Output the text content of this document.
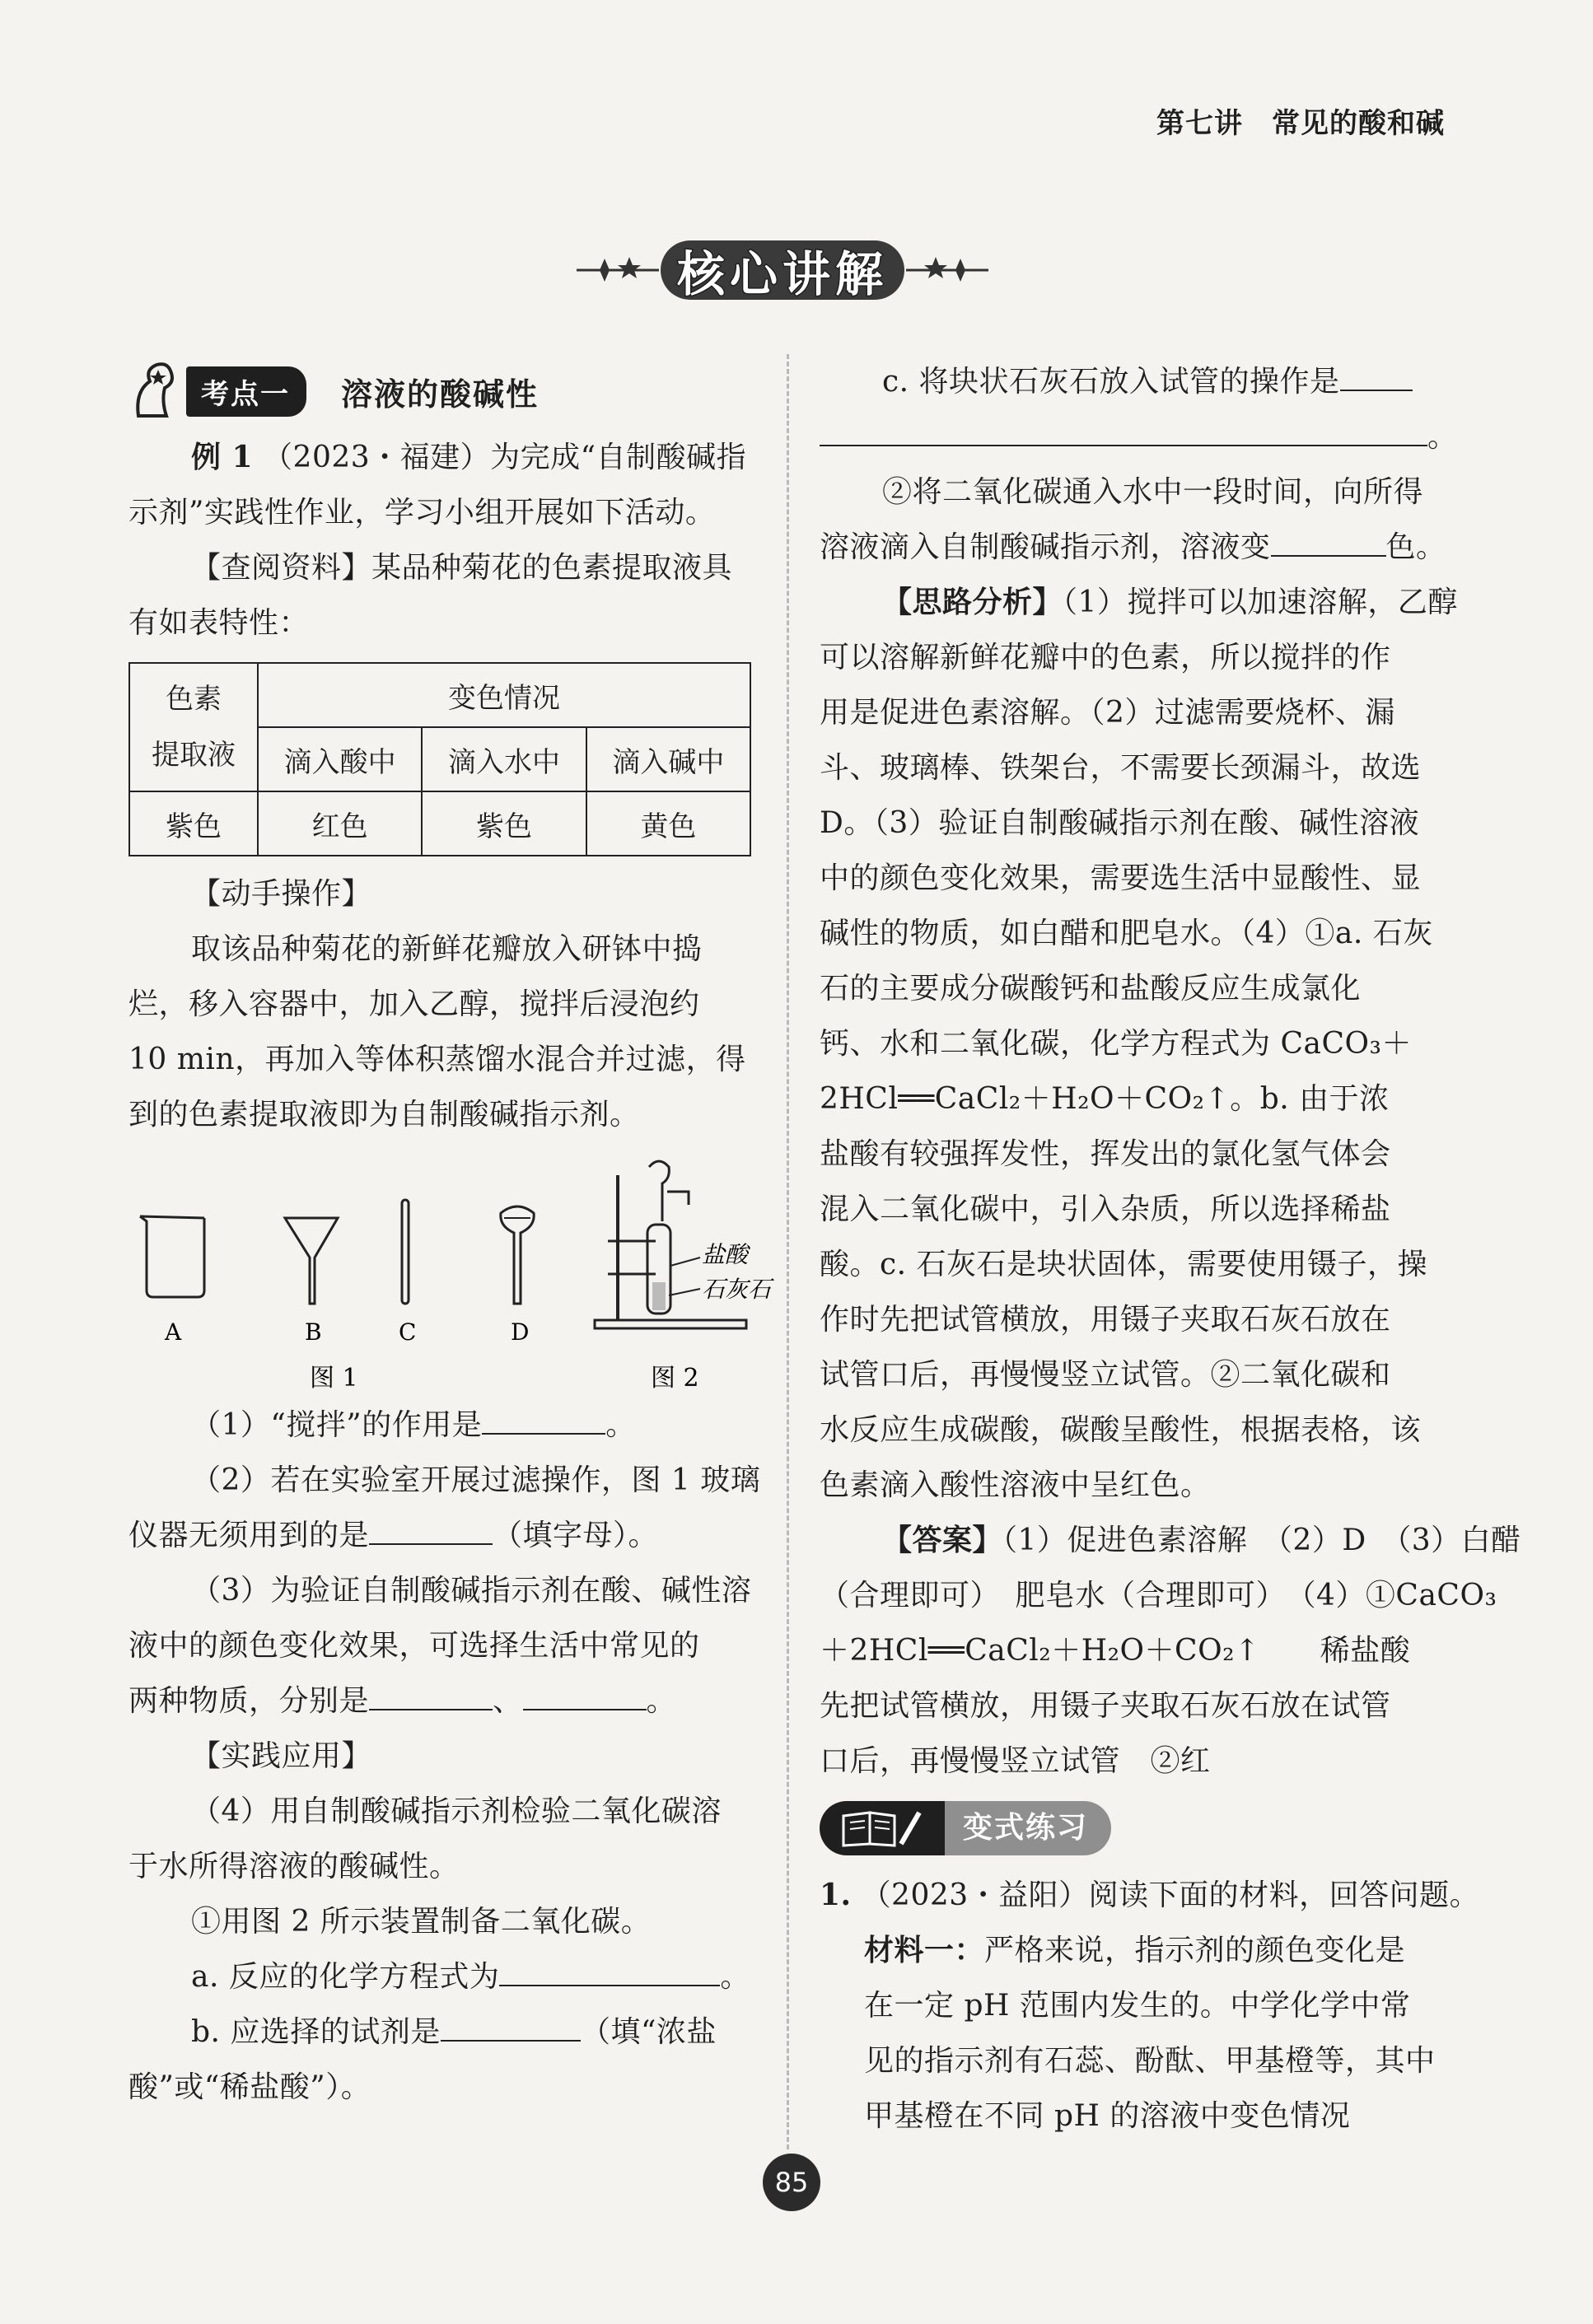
第七讲　常见的酸和碱
核心讲解
考点一	溶液的酸碱性
例 1 （2023・福建）为完成“自制酸碱指
示剂”实践性作业，学习小组开展如下活动。
【查阅资料】某品种菊花的色素提取液具
有如表特性：
色素
提取液	变色情况		
	滴入酸中	滴入水中	滴入碱中
紫色	红色	紫色	黄色
【动手操作】
取该品种菊花的新鲜花瓣放入研钵中捣
烂，移入容器中，加入乙醇，搅拌后浸泡约
10 min，再加入等体积蒸馏水混合并过滤，得
到的色素提取液即为自制酸碱指示剂。
盐酸
石灰石
A	B	C	D
图 1	图 2
（1）“搅拌”的作用是	。
（2）若在实验室开展过滤操作，图 1 玻璃
仪器无须用到的是	（填字母）。
（3）为验证自制酸碱指示剂在酸、碱性溶
液中的颜色变化效果，可选择生活中常见的
两种物质，分别是	、	。
【实践应用】
（4）用自制酸碱指示剂检验二氧化碳溶
于水所得溶液的酸碱性。
①用图 2 所示装置制备二氧化碳。
a. 反应的化学方程式为	。
b. 应选择的试剂是	（填“浓盐
酸”或“稀盐酸”）。
c. 将块状石灰石放入试管的操作是
。
②将二氧化碳通入水中一段时间，向所得
溶液滴入自制酸碱指示剂，溶液变	色。
【思路分析】（1）搅拌可以加速溶解，乙醇
可以溶解新鲜花瓣中的色素，所以搅拌的作
用是促进色素溶解。（2）过滤需要烧杯、漏
斗、玻璃棒、铁架台，不需要长颈漏斗，故选
D。（3）验证自制酸碱指示剂在酸、碱性溶液
中的颜色变化效果，需要选生活中显酸性、显
碱性的物质，如白醋和肥皂水。（4）①a. 石灰
石的主要成分碳酸钙和盐酸反应生成氯化
钙、水和二氧化碳，化学方程式为 CaCO₃＋
2HCl══CaCl₂＋H₂O＋CO₂↑。b. 由于浓
盐酸有较强挥发性，挥发出的氯化氢气体会
混入二氧化碳中，引入杂质，所以选择稀盐
酸。c. 石灰石是块状固体，需要使用镊子，操
作时先把试管横放，用镊子夹取石灰石放在
试管口后，再慢慢竖立试管。②二氧化碳和
水反应生成碳酸，碳酸呈酸性，根据表格，该
色素滴入酸性溶液中呈红色。
【答案】（1）促进色素溶解　（2）D　（3）白醋
（合理即可）　肥皂水（合理即可）　（4）①CaCO₃
＋2HCl══CaCl₂＋H₂O＋CO₂↑　　稀盐酸
先把试管横放，用镊子夹取石灰石放在试管
口后，再慢慢竖立试管　②红
变式练习
1. （2023・益阳）阅读下面的材料，回答问题。
材料一：严格来说，指示剂的颜色变化是
在一定 pH 范围内发生的。中学化学中常
见的指示剂有石蕊、酚酞、甲基橙等，其中
甲基橙在不同 pH 的溶液中变色情况
85
